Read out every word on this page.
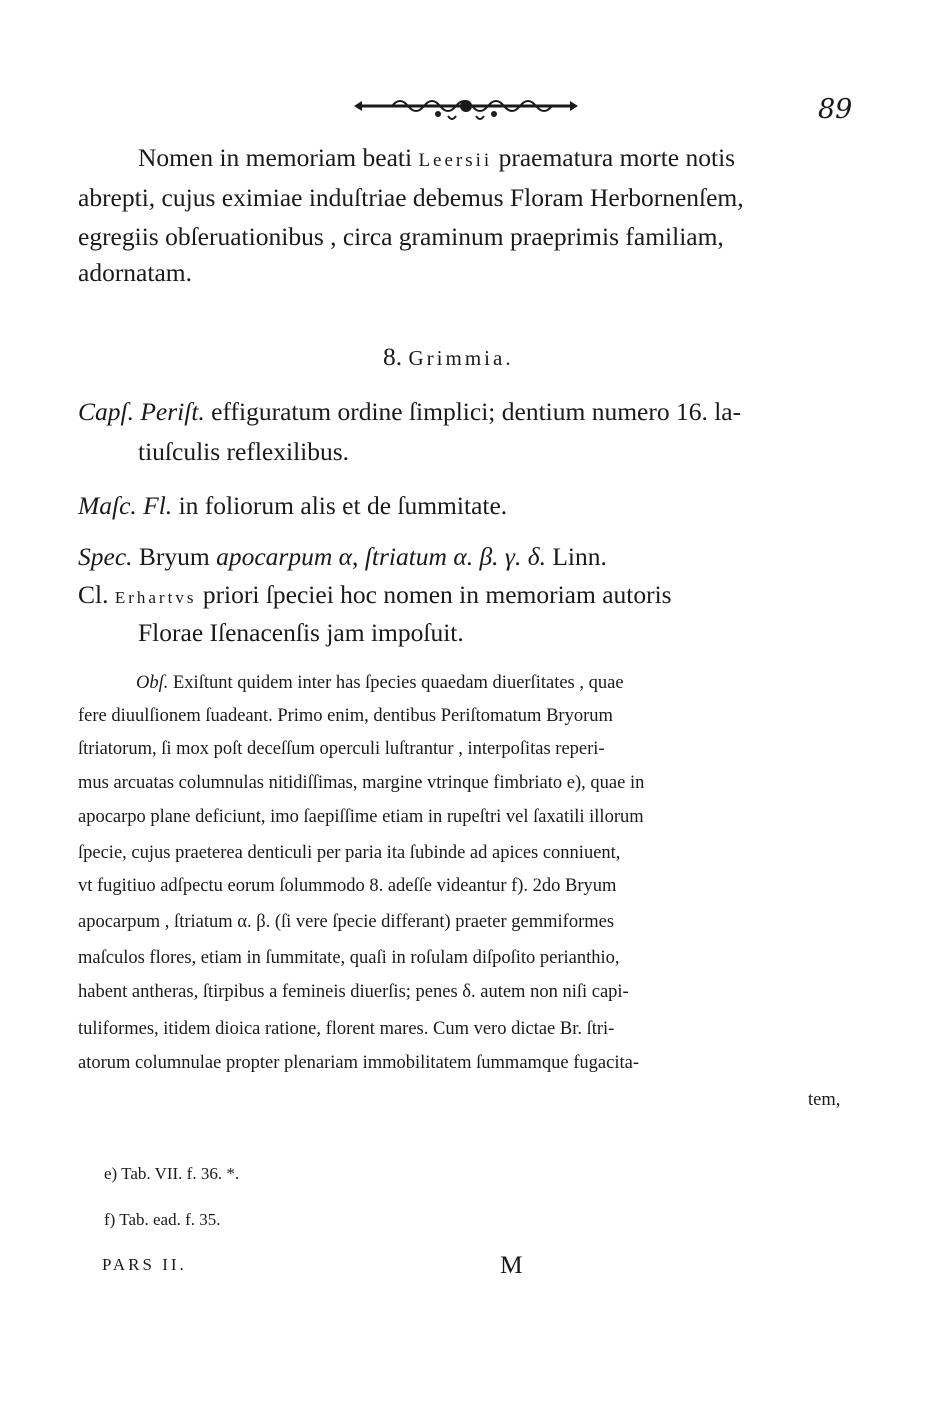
89
Nomen in memoriam beati Leersii praematura morte notis
abrepti, cujus eximiae induſtriae debemus Floram Herbornenſem,
egregiis obſeruationibus , circa graminum praeprimis familiam,
adornatam.
8. Grimmia.
Capſ. Periſt. effiguratum ordine ſimplici; dentium numero 16. la-
tiuſculis reflexilibus.
Maſc. Fl. in foliorum alis et de ſummitate.
Spec. Bryum apocarpum α, ſtriatum α. β. γ. δ. Linn.
Cl. Erhartvs priori ſpeciei hoc nomen in memoriam autoris
Florae Iſenacenſis jam impoſuit.
Obſ. Exiſtunt quidem inter has ſpecies quaedam diuerſitates , quae
fere diuulſionem ſuadeant. Primo enim, dentibus Periſtomatum Bryorum
ſtriatorum, ſi mox poſt deceſſum operculi luſtrantur , interpoſitas reperi-
mus arcuatas columnulas nitidiſſimas, margine vtrinque fimbriato e), quae in
apocarpo plane deficiunt, imo ſaepiſſime etiam in rupeſtri vel ſaxatili illorum
ſpecie, cujus praeterea denticuli per paria ita ſubinde ad apices conniuent,
vt fugitiuo adſpectu eorum ſolummodo 8. adeſſe videantur f). 2do Bryum
apocarpum , ſtriatum α. β. (ſi vere ſpecie differant) praeter gemmiformes
maſculos flores, etiam in ſummitate, quaſi in roſulam diſpoſito perianthio,
habent antheras, ſtirpibus a femineis diuerſis; penes δ. autem non niſi capi-
tuliformes, itidem dioica ratione, florent mares. Cum vero dictae Br. ſtri-
atorum columnulae propter plenariam immobilitatem ſummamque fugacita-
tem,
e) Tab. VII. f. 36. *.
f) Tab. ead. f. 35.
PARS II.	M
